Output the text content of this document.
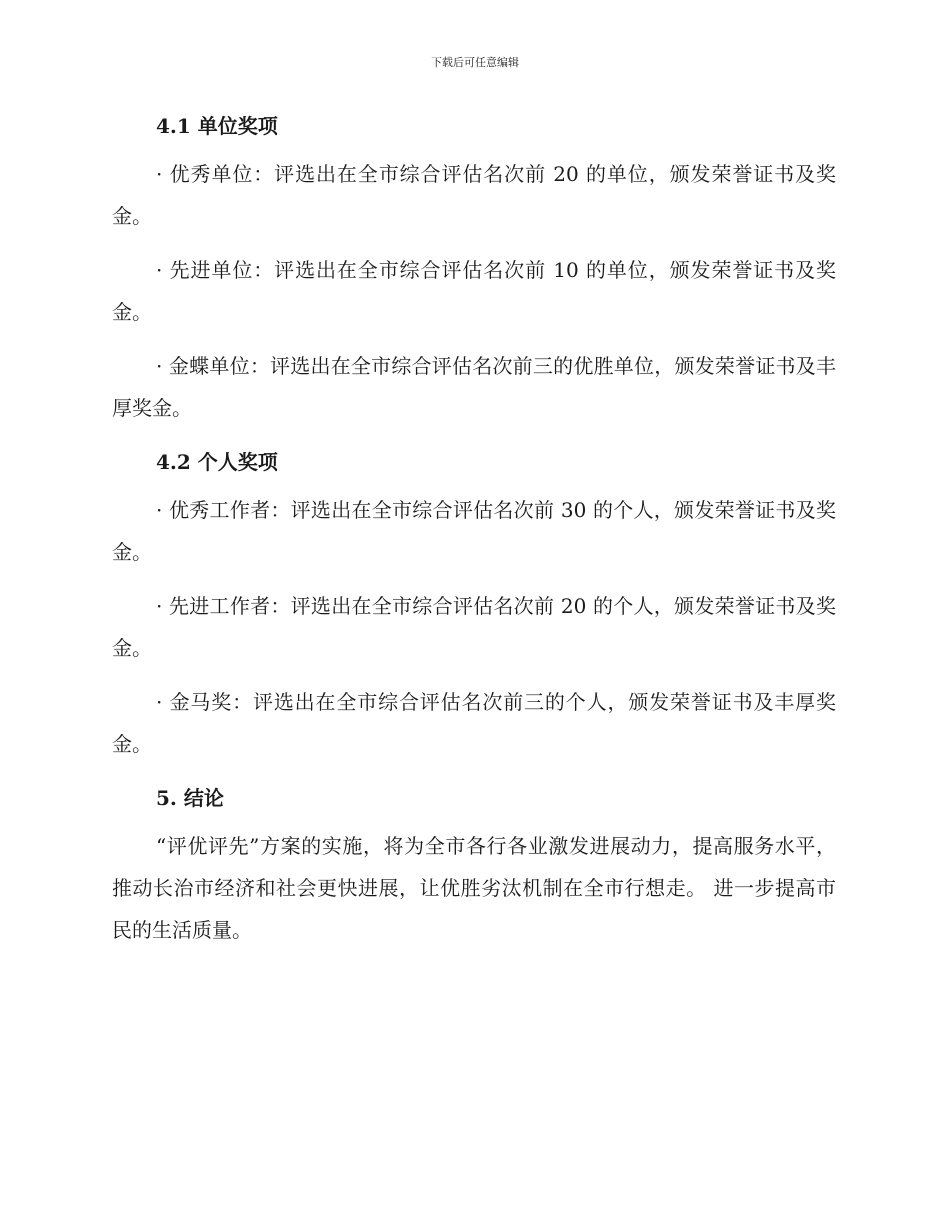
下载后可任意编辑
4.1 单位奖项

· 优秀单位：评选出在全市综合评估名次前 20 的单位，颁发荣誉证书及奖金。

· 先进单位：评选出在全市综合评估名次前 10 的单位，颁发荣誉证书及奖金。

· 金蝶单位：评选出在全市综合评估名次前三的优胜单位，颁发荣誉证书及丰厚奖金。

4.2 个人奖项

· 优秀工作者：评选出在全市综合评估名次前 30 的个人，颁发荣誉证书及奖金。

· 先进工作者：评选出在全市综合评估名次前 20 的个人，颁发荣誉证书及奖金。

· 金马奖：评选出在全市综合评估名次前三的个人，颁发荣誉证书及丰厚奖金。

5. 结论

“评优评先”方案的实施，将为全市各行各业激发进展动力，提高服务水平，推动长治市经济和社会更快进展，让优胜劣汰机制在全市行想走。 进一步提高市民的生活质量。
